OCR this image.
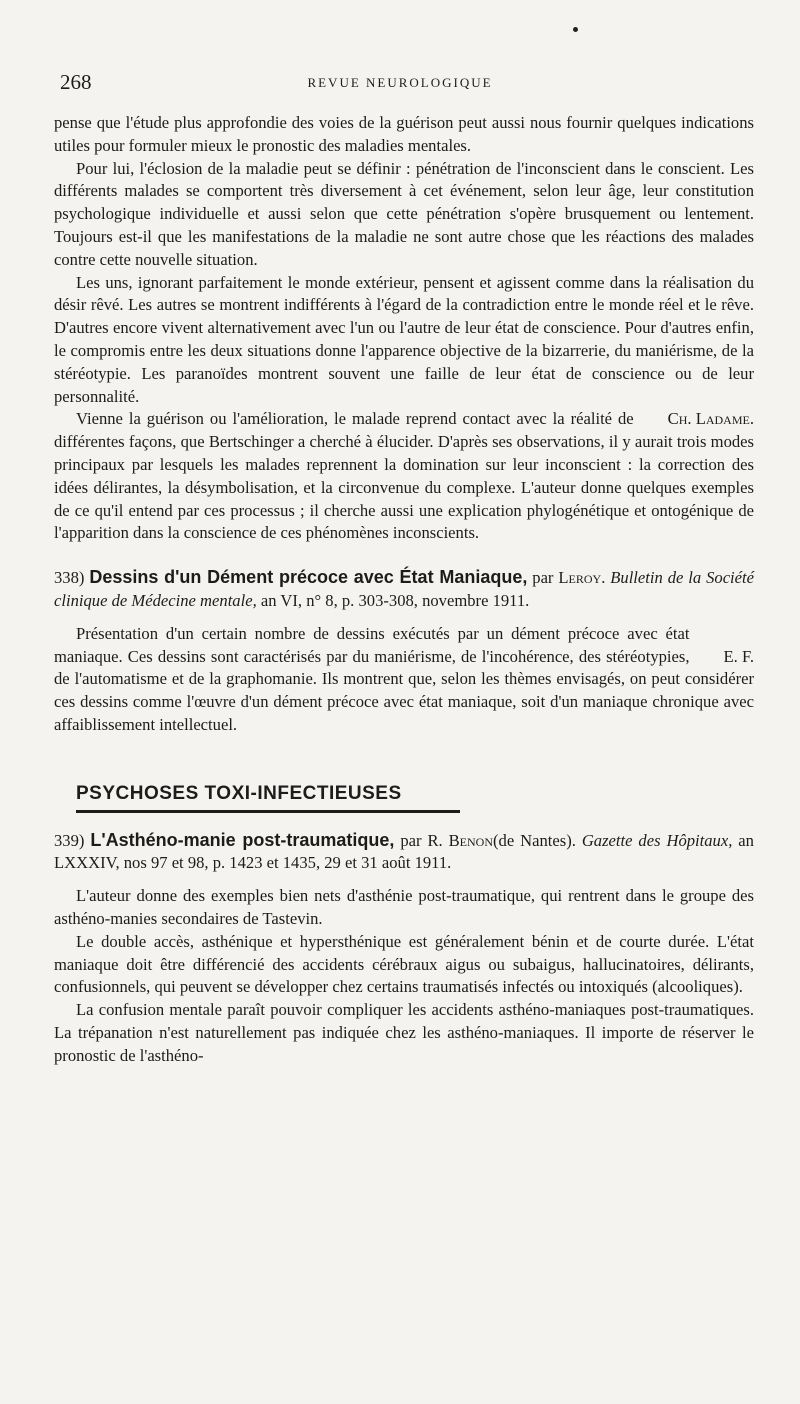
268	REVUE NEUROLOGIQUE

pense que l'étude plus approfondie des voies de la guérison peut aussi nous fournir quelques indications utiles pour formuler mieux le pronostic des maladies mentales.

Pour lui, l'éclosion de la maladie peut se définir : pénétration de l'inconscient dans le conscient. Les différents malades se comportent très diversement à cet événement, selon leur âge, leur constitution psychologique individuelle et aussi selon que cette pénétration s'opère brusquement ou lentement. Toujours est-il que les manifestations de la maladie ne sont autre chose que les réactions des malades contre cette nouvelle situation.

Les uns, ignorant parfaitement le monde extérieur, pensent et agissent comme dans la réalisation du désir rêvé. Les autres se montrent indifférents à l'égard de la contradiction entre le monde réel et le rêve. D'autres encore vivent alternativement avec l'un ou l'autre de leur état de conscience. Pour d'autres enfin, le compromis entre les deux situations donne l'apparence objective de la bizarrerie, du maniérisme, de la stéréotypie. Les paranoïdes montrent souvent une faille de leur état de conscience ou de leur personnalité.

Ch. Ladame.
Vienne la guérison ou l'amélioration, le malade reprend contact avec la réalité de différentes façons, que Bertschinger a cherché à élucider. D'après ses observations, il y aurait trois modes principaux par lesquels les malades reprennent la domination sur leur inconscient : la correction des idées délirantes, la désymbolisation, et la circonvenue du complexe. L'auteur donne quelques exemples de ce qu'il entend par ces processus ; il cherche aussi une explication phylogénétique et ontogénique de l'apparition dans la conscience de ces phénomènes inconscients.

338) Dessins d'un Dément précoce avec État Maniaque, par Leroy. Bulletin de la Société clinique de Médecine mentale, an VI, n° 8, p. 303-308, novembre 1911.

E. F.
Présentation d'un certain nombre de dessins exécutés par un dément précoce avec état maniaque. Ces dessins sont caractérisés par du maniérisme, de l'incohérence, des stéréotypies, de l'automatisme et de la graphomanie. Ils montrent que, selon les thèmes envisagés, on peut considérer ces dessins comme l'œuvre d'un dément précoce avec état maniaque, soit d'un maniaque chronique avec affaiblissement intellectuel.

PSYCHOSES TOXI-INFECTIEUSES

339) L'Asthéno-manie post-traumatique, par R. Benon(de Nantes). Gazette des Hôpitaux, an LXXXIV, nos 97 et 98, p. 1423 et 1435, 29 et 31 août 1911.

L'auteur donne des exemples bien nets d'asthénie post-traumatique, qui rentrent dans le groupe des asthéno-manies secondaires de Tastevin.

Le double accès, asthénique et hypersthénique est généralement bénin et de courte durée. L'état maniaque doit être différencié des accidents cérébraux aigus ou subaigus, hallucinatoires, délirants, confusionnels, qui peuvent se développer chez certains traumatisés infectés ou intoxiqués (alcooliques).

La confusion mentale paraît pouvoir compliquer les accidents asthéno-maniaques post-traumatiques. La trépanation n'est naturellement pas indiquée chez les asthéno-maniaques. Il importe de réserver le pronostic de l'asthéno-
